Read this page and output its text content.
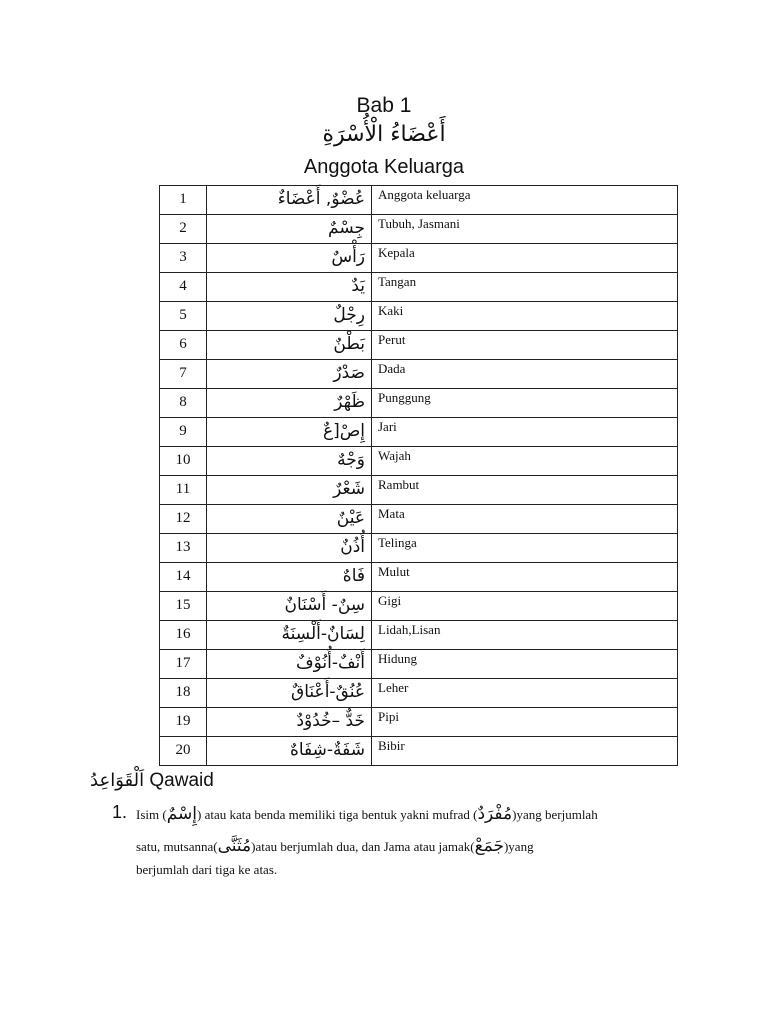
Bab 1
أَعْضَاءُ الْأُسْرَةِ
Anggota Keluarga
1	عُضْوٌ, أَعْضَاءٌ	Anggota keluarga
2	جِسْمٌ	Tubuh, Jasmani
3	رَأْسٌ	Kepala
4	يَدٌ	Tangan
5	رِجْلٌ	Kaki
6	بَطْنٌ	Perut
7	صَدْرٌ	Dada
8	ظَهْرٌ	Punggung
9	إِصْ[عٌ	Jari
10	وَجْهٌ	Wajah
11	شَعْرٌ	Rambut
12	عَيْنٌ	Mata
13	أُذُنٌ	Telinga
14	فَاهٌ	Mulut
15	سِنٌ- أَسْنَانٌ	Gigi
16	لِسَانٌ-أَلْسِنَةٌ	Lidah,Lisan
17	أَنْفٌ-أُنُوْفٌ	Hidung
18	عُنُقٌ-أَعْنَاقٌ	Leher
19	خَدٌّ –خُدُوْدٌ	Pipi
20	شَفَةٌ-شِفَاهٌ	Bibir
اَلْقَوَاعِدُ Qawaid
1. Isim (إِسْمٌ) atau kata benda memiliki tiga bentuk yakni mufrad (مُفْرَدٌ)yang berjumlah
satu, mutsanna(مُثَنَّى)atau berjumlah dua, dan Jama atau jamak(جَمَعْ)yang
berjumlah dari tiga ke atas.
